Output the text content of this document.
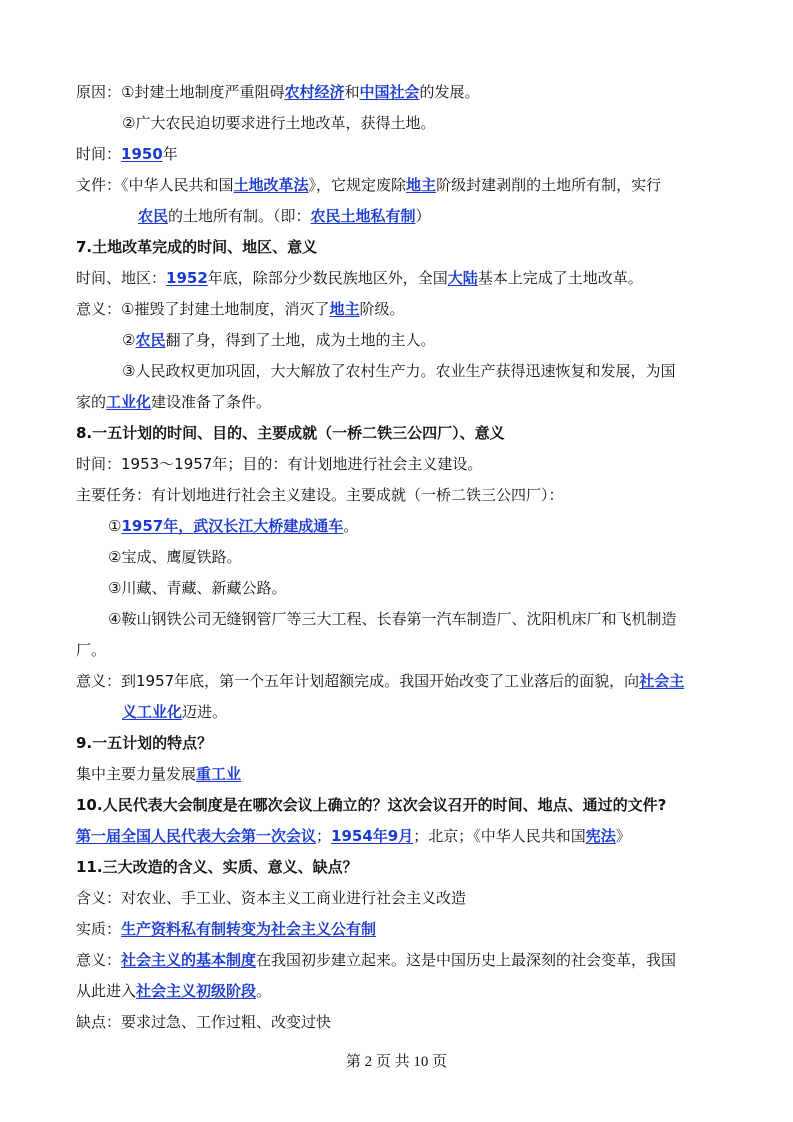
原因：①封建土地制度严重阻碍农村经济和中国社会的发展。
②广大农民迫切要求进行土地改革，获得土地。
时间：1950年
文件：《中华人民共和国土地改革法》，它规定废除地主阶级封建剥削的土地所有制，实行
农民的土地所有制。（即：农民土地私有制）
7.土地改革完成的时间、地区、意义
时间、地区：1952年底，除部分少数民族地区外，全国大陆基本上完成了土地改革。
意义：①摧毁了封建土地制度，消灭了地主阶级。
②农民翻了身，得到了土地，成为土地的主人。
③人民政权更加巩固，大大解放了农村生产力。农业生产获得迅速恢复和发展，为国
家的工业化建设准备了条件。
8.一五计划的时间、目的、主要成就（一桥二铁三公四厂）、意义
时间：1953～1957年；目的：有计划地进行社会主义建设。
主要任务：有计划地进行社会主义建设。主要成就（一桥二铁三公四厂）：
①1957年，武汉长江大桥建成通车。
②宝成、鹰厦铁路。
③川藏、青藏、新藏公路。
④鞍山钢铁公司无缝钢管厂等三大工程、长春第一汽车制造厂、沈阳机床厂和飞机制造
厂。
意义：到1957年底，第一个五年计划超额完成。我国开始改变了工业落后的面貌，向社会主
义工业化迈进。
9.一五计划的特点？
集中主要力量发展重工业
10.人民代表大会制度是在哪次会议上确立的？这次会议召开的时间、地点、通过的文件?
第一届全国人民代表大会第一次会议；1954年9月；北京；《中华人民共和国宪法》
11.三大改造的含义、实质、意义、缺点？
含义：对农业、手工业、资本主义工商业进行社会主义改造
实质：生产资料私有制转变为社会主义公有制
意义：社会主义的基本制度在我国初步建立起来。这是中国历史上最深刻的社会变革，我国
从此进入社会主义初级阶段。
缺点：要求过急、工作过粗、改变过快
第 2 页 共 10 页
